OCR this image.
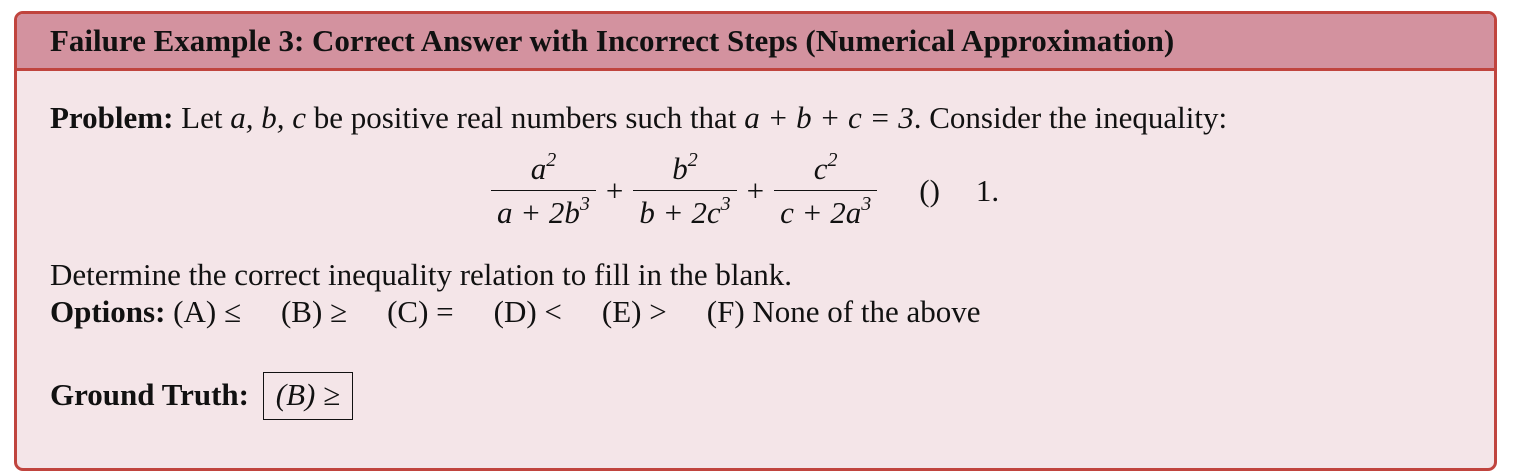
Failure Example 3: Correct Answer with Incorrect Steps (Numerical Approximation)
Problem: Let a, b, c be positive real numbers such that a + b + c = 3. Consider the inequality:
$\frac{a^2}{a + 2b^3} + \frac{b^2}{b + 2c^3} + \frac{c^2}{c + 2a^3}$ () 1.
Determine the correct inequality relation to fill in the blank.
Options: (A) ≤ (B) ≥ (C) = (D) < (E) > (F) None of the above
Ground Truth: (B) ≥
